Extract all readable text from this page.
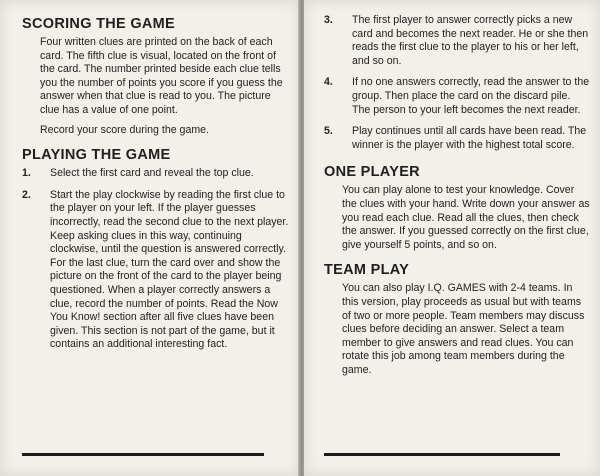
SCORING THE GAME

Four written clues are printed on the back of each card. The fifth clue is visual, located on the front of the card. The number printed beside each clue tells you the number of points you score if you guess the answer when that clue is read to you. The picture clue has a value of one point.

Record your score during the game.

PLAYING THE GAME
1.	Select the first card and reveal the top clue.
2.	Start the play clockwise by reading the first clue to the player on your left. If the player guesses incorrectly, read the second clue to the next player. Keep asking clues in this way, continuing clockwise, until the question is answered correctly. For the last clue, turn the card over and show the picture on the front of the card to the player being questioned. When a player correctly answers a clue, record the number of points. Read the Now You Know! section after all five clues have been given. This section is not part of the game, but it contains an additional interesting fact.
3.	The first player to answer correctly picks a new card and becomes the next reader. He or she then reads the first clue to the player to his or her left, and so on.
4.	If no one answers correctly, read the answer to the group. Then place the card on the discard pile. The person to your left becomes the next reader.
5.	Play continues until all cards have been read. The winner is the player with the highest total score.
ONE PLAYER

You can play alone to test your knowledge. Cover the clues with your hand. Write down your answer as you read each clue. Read all the clues, then check the answer. If you guessed correctly on the first clue, give yourself 5 points, and so on.

TEAM PLAY

You can also play I.Q. GAMES with 2-4 teams. In this version, play proceeds as usual but with teams of two or more people. Team members may discuss clues before deciding an answer. Select a team member to give answers and read clues. You can rotate this job among team members during the game.
